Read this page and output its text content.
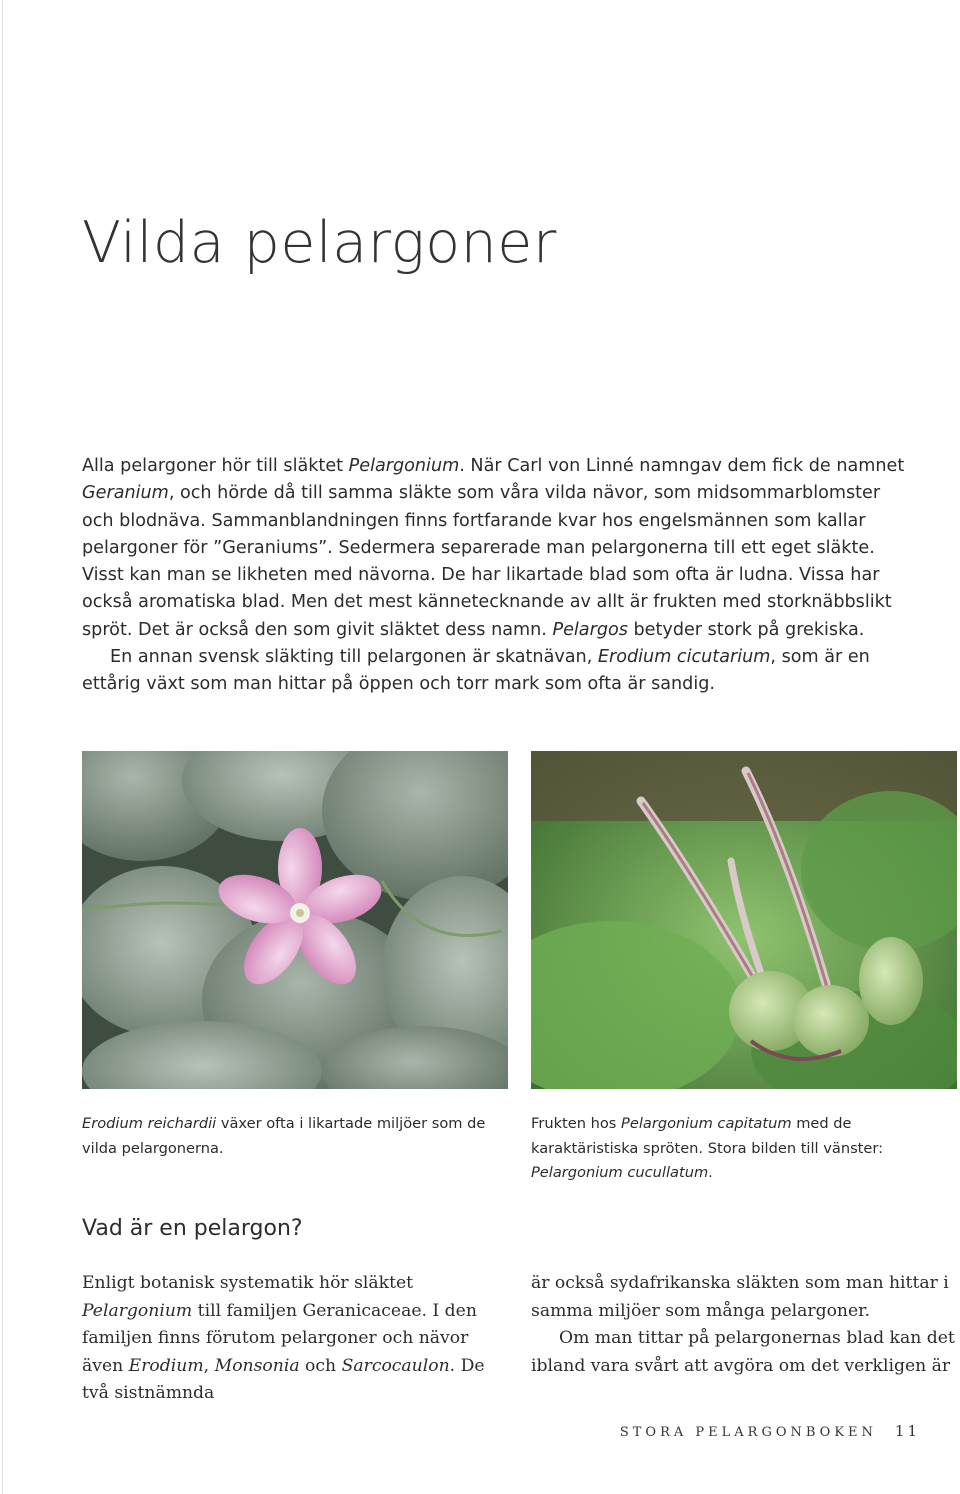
Vilda pelargoner

Alla pelargoner hör till släktet Pelargonium. När Carl von Linné namngav dem fick de namnet Geranium, och hörde då till samma släkte som våra vilda nävor, som midsommarblomster och blodnäva. Sammanblandningen finns fortfarande kvar hos engelsmännen som kallar pelargoner för ”Geraniums”. Sedermera separerade man pelargonerna till ett eget släkte. Visst kan man se likheten med nävorna. De har likartade blad som ofta är ludna. Vissa har också aromatiska blad. Men det mest kännetecknande av allt är frukten med storknäbbslikt spröt. Det är också den som givit släktet dess namn. Pelargos betyder stork på grekiska.

En annan svensk släkting till pelargonen är skatnävan, Erodium cicutarium, som är en ettårig växt som man hittar på öppen och torr mark som ofta är sandig.

Erodium reichardii växer ofta i likartade miljöer som de vilda pelargonerna.
Frukten hos Pelargonium capitatum med de karaktäristiska spröten. Stora bilden till vänster: Pelargonium cucullatum.
Vad är en pelargon?

Enligt botanisk systematik hör släktet Pelargonium till familjen Geranicaceae. I den familjen finns förutom pelargoner och nävor även Erodium, Monsonia och Sarcocaulon. De två sistnämnda

är också sydafrikanska släkten som man hittar i samma miljöer som många pelargoner.

Om man tittar på pelargonernas blad kan det ibland vara svårt att avgöra om det verkligen är

STORA PELARGONBOKEN 11
